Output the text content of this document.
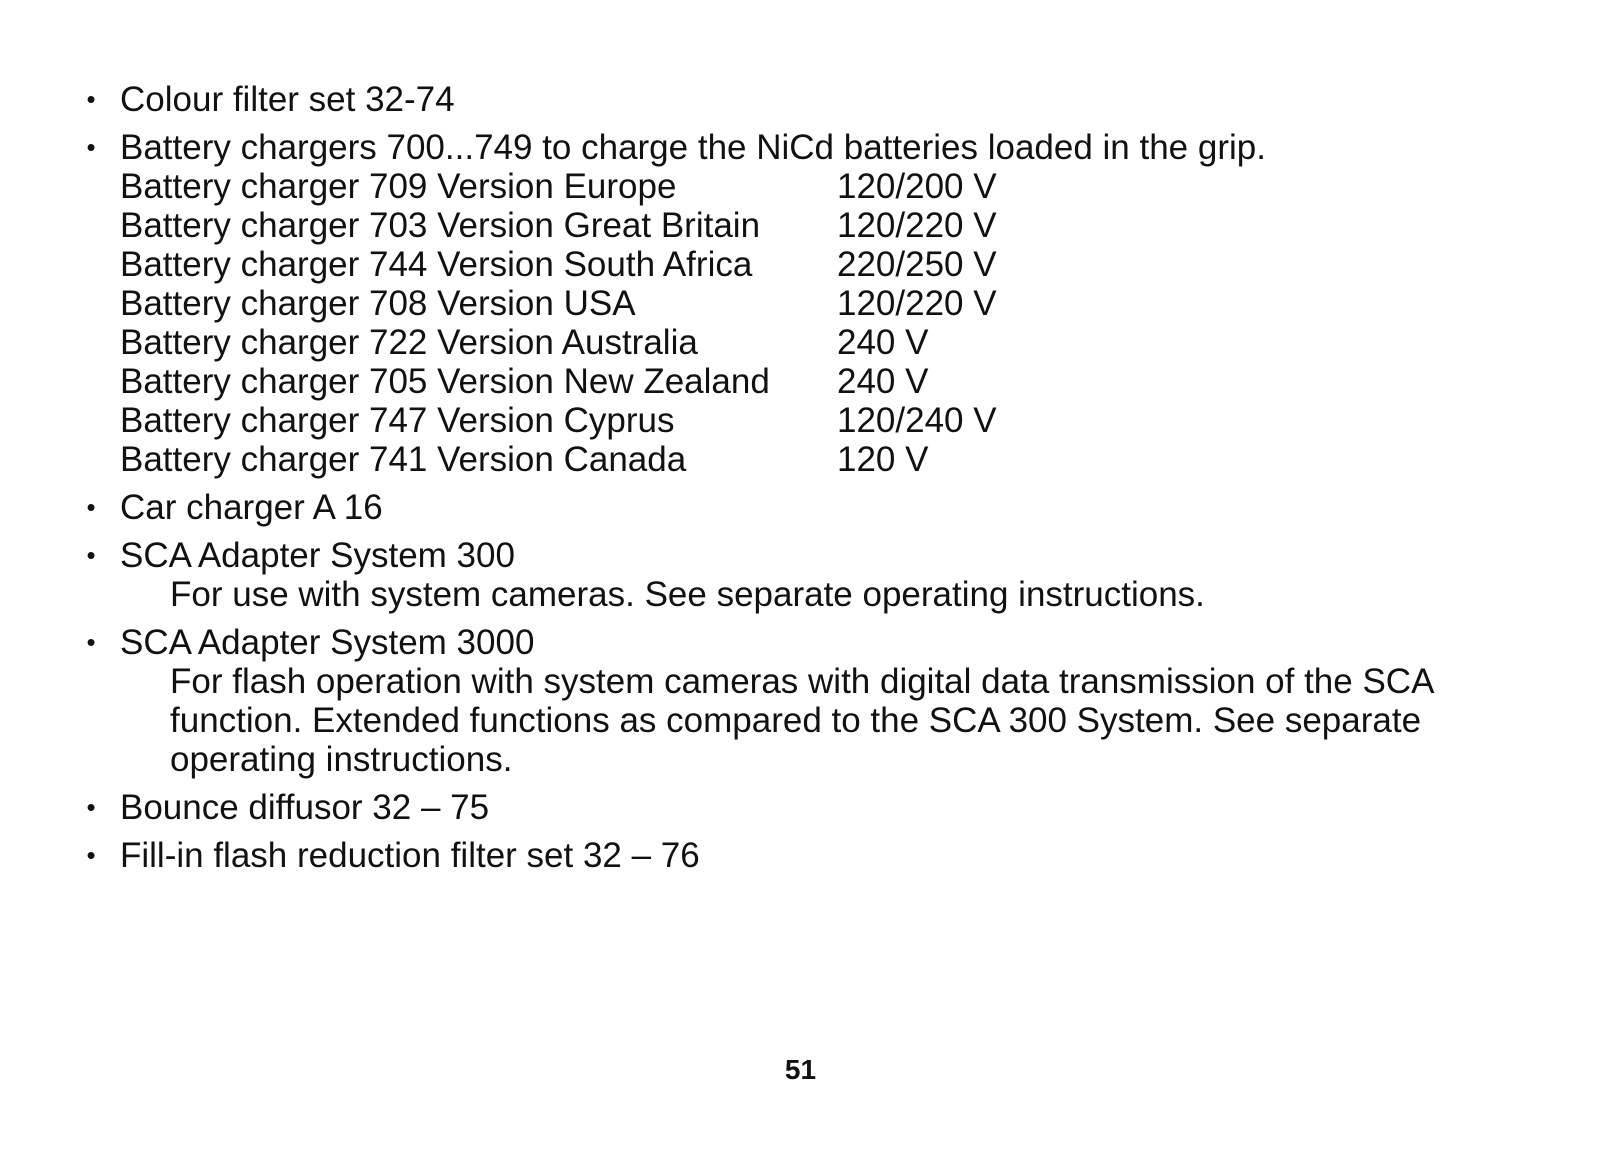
• Colour filter set 32-74
• Battery chargers 700...749 to charge the NiCd batteries loaded in the grip.
Battery charger 709 Version Europe	120/200 V
Battery charger 703 Version Great Britain	120/220 V
Battery charger 744 Version South Africa	220/250 V
Battery charger 708 Version USA	120/220 V
Battery charger 722 Version Australia	240 V
Battery charger 705 Version New Zealand	240 V
Battery charger 747 Version Cyprus	120/240 V
Battery charger 741 Version Canada	120 V
• Car charger A 16
• SCA Adapter System 300
For use with system cameras. See separate operating instructions.
• SCA Adapter System 3000
For flash operation with system cameras with digital data transmission of the SCA function. Extended functions as compared to the SCA 300 System. See separate operating instructions.
• Bounce diffusor 32 – 75
• Fill-in flash reduction filter set 32 – 76
51
